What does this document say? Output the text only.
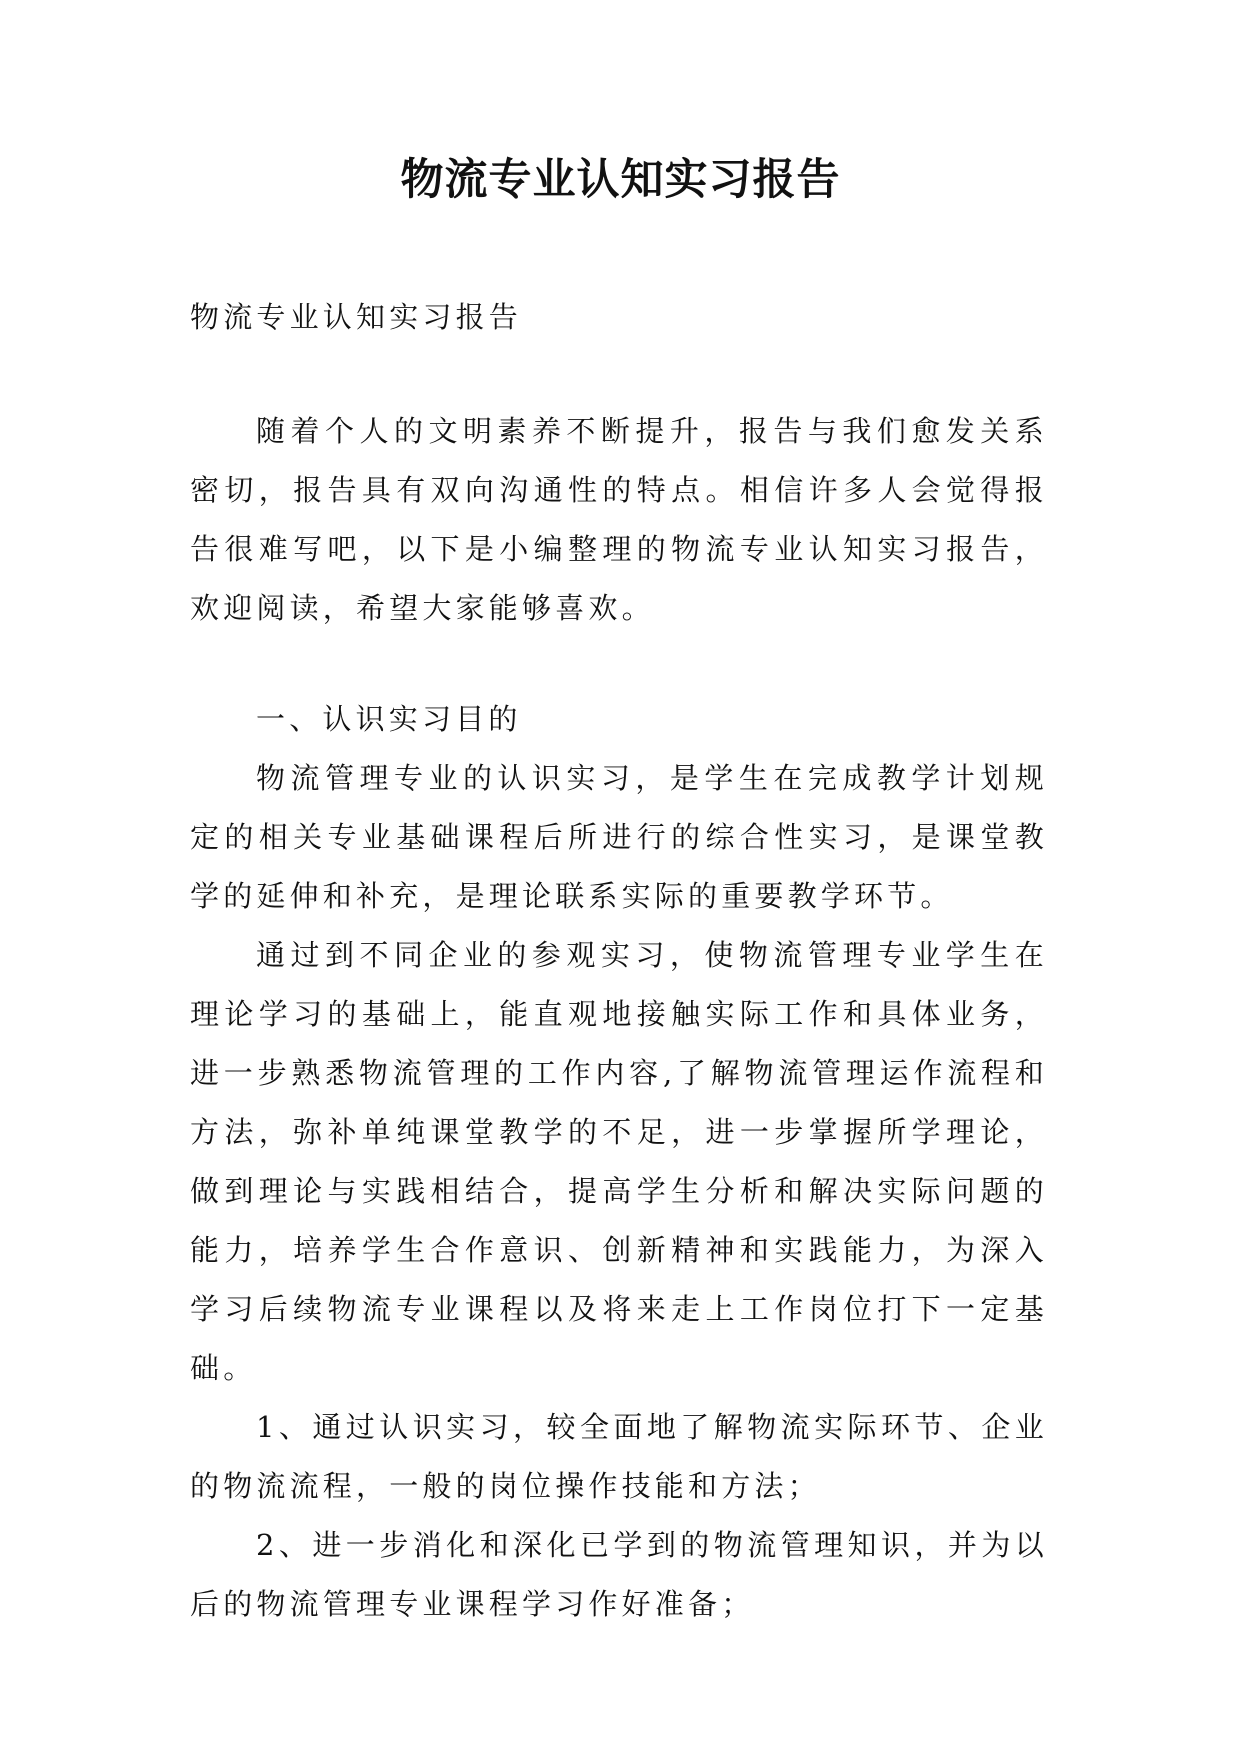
物流专业认知实习报告

物流专业认知实习报告

随着个人的文明素养不断提升，报告与我们愈发关系密切，报告具有双向沟通性的特点。相信许多人会觉得报告很难写吧，以下是小编整理的物流专业认知实习报告，欢迎阅读，希望大家能够喜欢。

一、认识实习目的

物流管理专业的认识实习，是学生在完成教学计划规定的相关专业基础课程后所进行的综合性实习，是课堂教学的延伸和补充，是理论联系实际的重要教学环节。

通过到不同企业的参观实习，使物流管理专业学生在理论学习的基础上，能直观地接触实际工作和具体业务，进一步熟悉物流管理的工作内容,了解物流管理运作流程和方法，弥补单纯课堂教学的不足，进一步掌握所学理论，做到理论与实践相结合，提高学生分析和解决实际问题的能力，培养学生合作意识、创新精神和实践能力，为深入学习后续物流专业课程以及将来走上工作岗位打下一定基础。

1、通过认识实习，较全面地了解物流实际环节、企业的物流流程，一般的岗位操作技能和方法；

2、进一步消化和深化已学到的物流管理知识，并为以后的物流管理专业课程学习作好准备；
